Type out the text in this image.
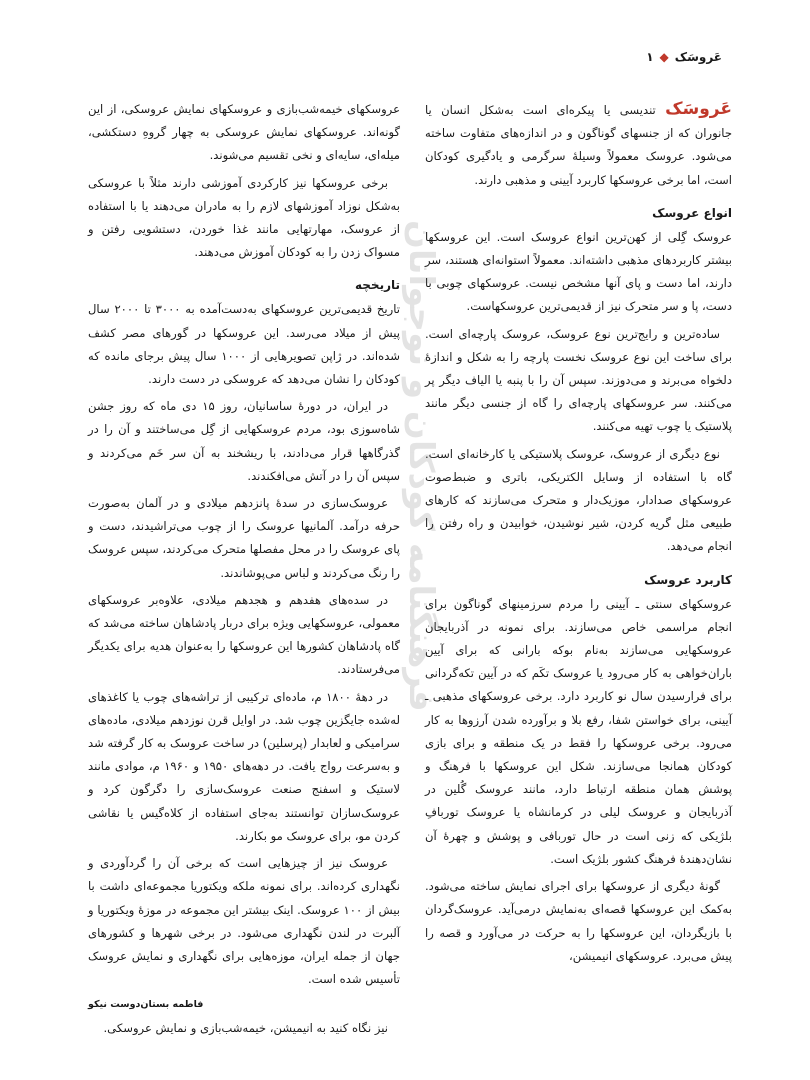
عَروسَک
◆
۱

عَروسَک تندیسی یا پیکره‌ای است به‌شکل انسان یا جانوران که از جنسهای گوناگون و در اندازه‌های متفاوت ساخته می‌شود. عروسک معمولاً وسیلهٔ سرگرمی و یادگیری کودکان است، اما برخی عروسکها کاربرد آیینی و مذهبی دارند.

انواع عروسک

عروسک گِلی از کهن‌ترین انواع عروسک است. این عروسکها بیشتر کاربردهای مذهبی داشته‌اند. معمولاً استوانه‌ای هستند، سر دارند، اما دست و پای آنها مشخص نیست. عروسکهای چوبی با دست، پا و سر متحرک نیز از قدیمی‌ترین عروسکهاست.

ساده‌ترین و رایج‌ترین نوع عروسک، عروسک پارچه‌ای است. برای ساخت این نوع عروسک نخست پارچه را به شکل و اندازهٔ دلخواه می‌برند و می‌دوزند. سپس آن را با پنبه یا الیاف دیگر پر می‌کنند. سر عروسکهای پارچه‌ای را گاه از جنسی دیگر مانند پلاستیک یا چوب تهیه می‌کنند.

نوع دیگری از عروسک، عروسک پلاستیکی یا کارخانه‌ای است. گاه با استفاده از وسایل الکتریکی، باتری و ضبط‌صوت عروسکهای صدادار، موزیک‌دار و متحرک می‌سازند که کارهای طبیعی مثل گریه کردن، شیر نوشیدن، خوابیدن و راه رفتن را انجام می‌دهد.

کاربرد عروسک

عروسکهای سنتی ـ آیینی را مردم سرزمینهای گوناگون برای انجام مراسمی خاص می‌سازند. برای نمونه در آذربایجان عروسکهایی می‌سازند به‌نام بوکه بارانی که برای آیین باران‌خواهی به کار می‌رود یا عروسک تکَم که در آیین تکه‌گردانی برای فرارسیدن سال نو کاربرد دارد. برخی عروسکهای مذهبی ـ آیینی، برای خواستن شفا، رفع بلا و برآورده شدن آرزوها به کار می‌رود. برخی عروسکها را فقط در یک منطقه و برای بازی کودکان همانجا می‌سازند. شکل این عروسکها با فرهنگ و پوشش همان منطقه ارتباط دارد، مانند عروسک گُلین در آذربایجان و عروسک لیلی در کرمانشاه یا عروسک توربافِ بلژیکی که زنی است در حال توربافی و پوشش و چهرهٔ آن نشان‌دهندهٔ فرهنگ کشور بلژیک است.

گونهٔ دیگری از عروسکها برای اجرای نمایش ساخته می‌شود. به‌کمک این عروسکها قصه‌ای به‌نمایش درمی‌آید. عروسک‌گردان با بازیگردان، این عروسکها را به حرکت در می‌آورد و قصه را پیش می‌برد. عروسکهای انیمیشن،

عروسکهای خیمه‌شب‌بازی و عروسکهای نمایش عروسکی، از این گونه‌اند. عروسکهای نمایش عروسکی به چهار گروهِ دستکشی، میله‌ای، سایه‌ای و نخی تقسیم می‌شوند.

برخی عروسکها نیز کارکردی آموزشی دارند مثلاً با عروسکی به‌شکل نوزاد آموزشهای لازم را به مادران می‌دهند یا با استفاده از عروسک، مهارتهایی مانند غذا خوردن، دستشویی رفتن و مسواک زدن را به کودکان آموزش می‌دهند.

تاریخچه

تاریخ قدیمی‌ترین عروسکهای به‌دست‌آمده به ۳۰۰۰ تا ۲۰۰۰ سال پیش از میلاد می‌رسد. این عروسکها در گورهای مصر کشف شده‌اند. در ژاپن تصویرهایی از ۱۰۰۰ سال پیش برجای مانده که کودکان را نشان می‌دهد که عروسکی در دست دارند.

در ایران، در دورهٔ ساسانیان، روز ۱۵ دی ماه که روز جشن شاه‌سوزی بود، مردم عروسکهایی از گِل می‌ساختند و آن را در گذرگاهها قرار می‌دادند، با ریشخند به آن سر خَم می‌کردند و سپس آن را در آتش می‌افکندند.

عروسک‌سازی در سدهٔ پانزدهم میلادی و در آلمان به‌صورت حرفه درآمد. آلمانیها عروسک را از چوب می‌تراشیدند، دست و پای عروسک را در محل مفصلها متحرک می‌کردند، سپس عروسک را رنگ می‌کردند و لباس می‌پوشاندند.

در سده‌های هفدهم و هجدهم میلادی، علاوه‌بر عروسکهای معمولی، عروسکهایی ویژه برای دربار پادشاهان ساخته می‌شد که گاه پادشاهان کشورها این عروسکها را به‌عنوان هدیه برای یکدیگر می‌فرستادند.

در دههٔ ۱۸۰۰ م، ماده‌ای ترکیبی از تراشه‌های چوب یا کاغذهای له‌شده جایگزین چوب شد. در اوایل قرن نوزدهم میلادی، ماده‌های سرامیکی و لعابدار (پرسلین) در ساخت عروسک به کار گرفته شد و به‌سرعت رواج یافت. در دهه‌های ۱۹۵۰ و ۱۹۶۰ م، موادی مانند لاستیک و اسفنج صنعت عروسک‌سازی را دگرگون کرد و عروسک‌سازان توانستند به‌جای استفاده از کلاه‌گیس یا نقاشی کردن مو، برای عروسک مو بکارند.

عروسک نیز از چیزهایی است که برخی آن را گردآوردی و نگهداری کرده‌اند. برای نمونه ملکه ویکتوریا مجموعه‌ای داشت با بیش از ۱۰۰ عروسک. اینک بیشتر این مجموعه در موزهٔ ویکتوریا و آلبرت در لندن نگهداری می‌شود. در برخی شهرها و کشورهای جهان از جمله ایران، موزه‌هایی برای نگهداری و نمایش عروسک تأسیس شده است.

فاطمه بستان‌دوست نیکو

نیز نگاه کنید به انیمیشن، خیمه‌شب‌بازی و نمایش عروسکی.

فرهنگنامه کودکان و نوجوانان
